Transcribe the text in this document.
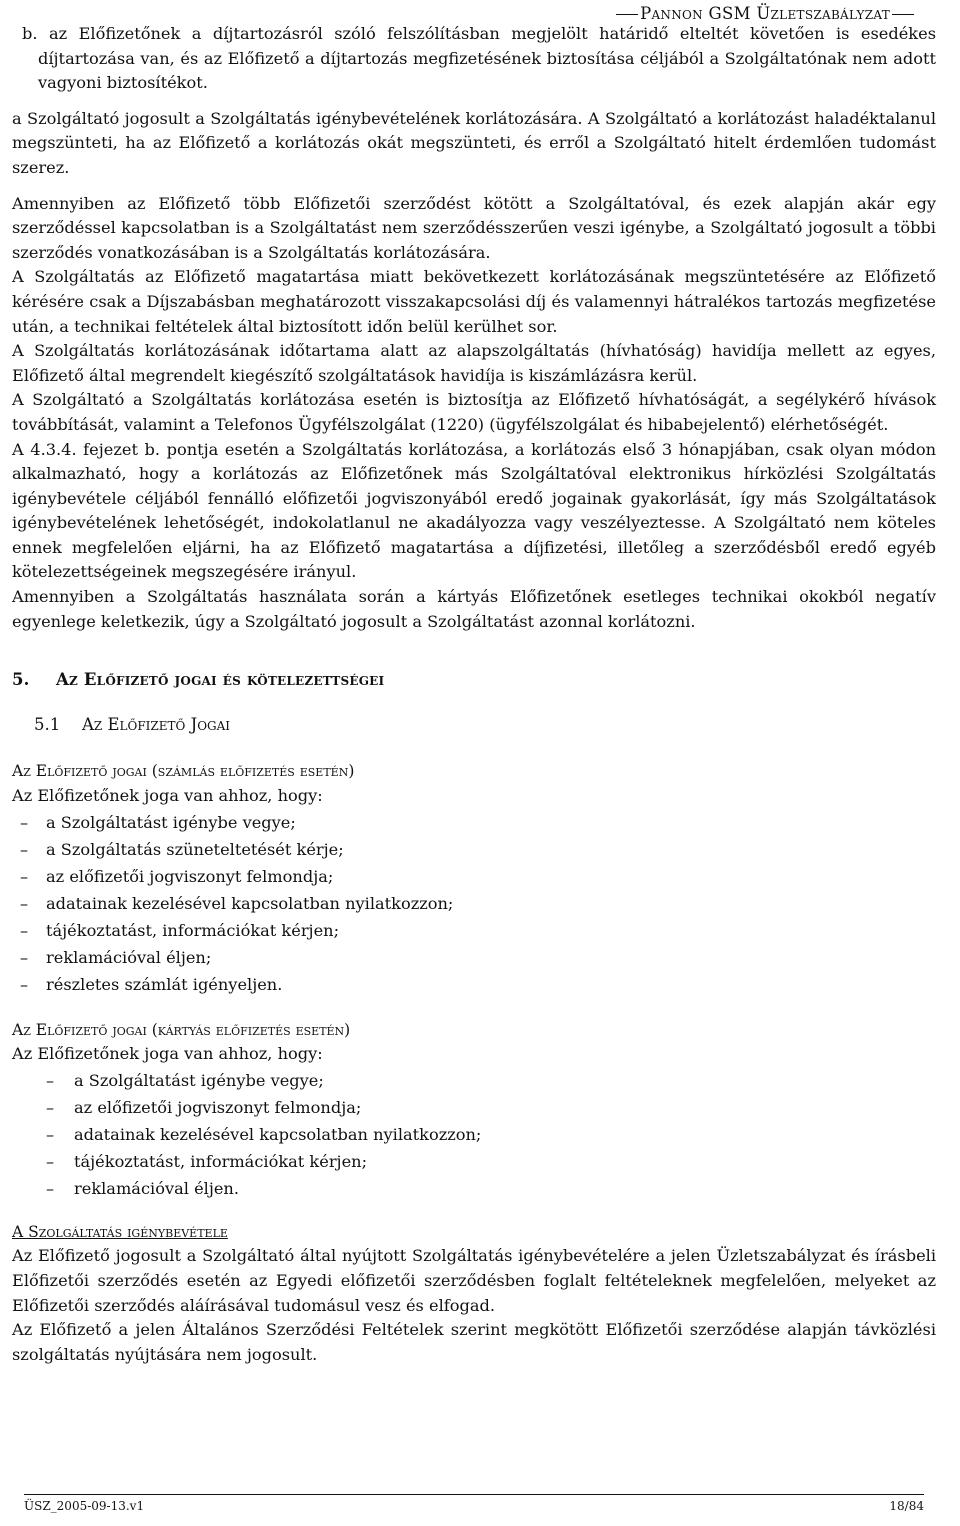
Pannon GSM Üzletszabályzat

b. az Előfizetőnek a díjtartozásról szóló felszólításban megjelölt határidő elteltét követően is esedékes díjtartozása van, és az Előfizető a díjtartozás megfizetésének biztosítása céljából a Szolgáltatónak nem adott vagyoni biztosítékot.

a Szolgáltató jogosult a Szolgáltatás igénybevételének korlátozására. A Szolgáltató a korlátozást haladéktalanul megszünteti, ha az Előfizető a korlátozás okát megszünteti, és erről a Szolgáltató hitelt érdemlően tudomást szerez.

Amennyiben az Előfizető több Előfizetői szerződést kötött a Szolgáltatóval, és ezek alapján akár egy szerződéssel kapcsolatban is a Szolgáltatást nem szerződésszerűen veszi igénybe, a Szolgáltató jogosult a többi szerződés vonatkozásában is a Szolgáltatás korlátozására.

A Szolgáltatás az Előfizető magatartása miatt bekövetkezett korlátozásának megszüntetésére az Előfizető kérésére csak a Díjszabásban meghatározott visszakapcsolási díj és valamennyi hátralékos tartozás megfizetése után, a technikai feltételek által biztosított időn belül kerülhet sor.

A Szolgáltatás korlátozásának időtartama alatt az alapszolgáltatás (hívhatóság) havidíja mellett az egyes, Előfizető által megrendelt kiegészítő szolgáltatások havidíja is kiszámlázásra kerül.

A Szolgáltató a Szolgáltatás korlátozása esetén is biztosítja az Előfizető hívhatóságát, a segélykérő hívások továbbítását, valamint a Telefonos Ügyfélszolgálat (1220) (ügyfélszolgálat és hibabejelentő) elérhetőségét.

A 4.3.4. fejezet b. pontja esetén a Szolgáltatás korlátozása, a korlátozás első 3 hónapjában, csak olyan módon alkalmazható, hogy a korlátozás az Előfizetőnek más Szolgáltatóval elektronikus hírközlési Szolgáltatás igénybevétele céljából fennálló előfizetői jogviszonyából eredő jogainak gyakorlását, így más Szolgáltatások igénybevételének lehetőségét, indokolatlanul ne akadályozza vagy veszélyeztesse. A Szolgáltató nem köteles ennek megfelelően eljárni, ha az Előfizető magatartása a díjfizetési, illetőleg a szerződésből eredő egyéb kötelezettségeinek megszegésére irányul.

Amennyiben a Szolgáltatás használata során a kártyás Előfizetőnek esetleges technikai okokból negatív egyenlege keletkezik, úgy a Szolgáltató jogosult a Szolgáltatást azonnal korlátozni.

5. Az Előfizető jogai és kötelezettségei
5.1 Az Előfizető Jogai
Az Előfizető jogai (számlás előfizetés esetén)

Az Előfizetőnek joga van ahhoz, hogy:

– a Szolgáltatást igénybe vegye;
– a Szolgáltatás szüneteltetését kérje;
– az előfizetői jogviszonyt felmondja;
– adatainak kezelésével kapcsolatban nyilatkozzon;
– tájékoztatást, információkat kérjen;
– reklamációval éljen;
– részletes számlát igényeljen.
Az Előfizető jogai (kártyás előfizetés esetén)

Az Előfizetőnek joga van ahhoz, hogy:

– a Szolgáltatást igénybe vegye;
– az előfizetői jogviszonyt felmondja;
– adatainak kezelésével kapcsolatban nyilatkozzon;
– tájékoztatást, információkat kérjen;
– reklamációval éljen.
A Szolgáltatás igénybevétele

Az Előfizető jogosult a Szolgáltató által nyújtott Szolgáltatás igénybevételére a jelen Üzletszabályzat és írásbeli Előfizetői szerződés esetén az Egyedi előfizetői szerződésben foglalt feltételeknek megfelelően, melyeket az Előfizetői szerződés aláírásával tudomásul vesz és elfogad.

Az Előfizető a jelen Általános Szerződési Feltételek szerint megkötött Előfizetői szerződése alapján távközlési szolgáltatás nyújtására nem jogosult.

ÜSZ_2005-09-13.v1	18/84
